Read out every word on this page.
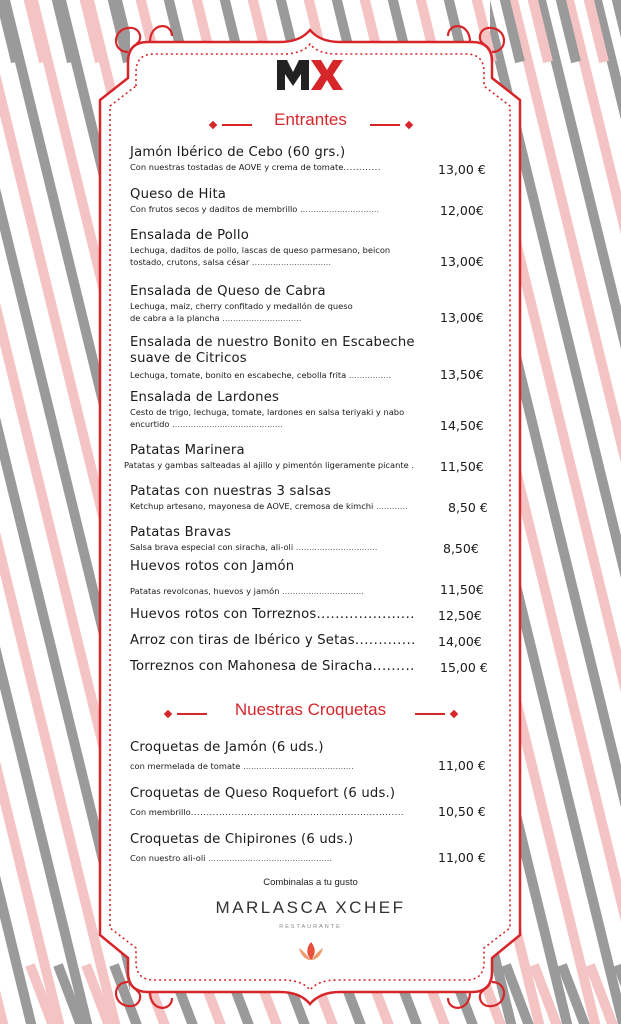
Entrantes
Jamón Ibérico de Cebo (60 grs.)
Con nuestras tostadas de AOVE y crema de tomate............	13,00 €
Queso de Hita
Con frutos secos y daditos de membrillo ..............................	12,00€
Ensalada de Pollo
Lechuga, daditos de pollo, lascas de queso parmesano, beicon tostado, crutons, salsa césar ..............................	13,00€
Ensalada de Queso de Cabra
Lechuga, maiz, cherry confitado y medallón de queso de cabra a la plancha ..............................	13,00€
Ensalada de nuestro Bonito en Escabeche suave de Citricos
Lechuga, tomate, bonito en escabeche, cebolla frita ................	13,50€
Ensalada de Lardones
Cesto de trigo, lechuga, tomate, lardones en salsa teriyaki y nabo encurtido ..........................................	14,50€
Patatas Marinera
Patatas y gambas salteadas al ajillo y pimentón ligeramente picante .	11,50€
Patatas con nuestras 3 salsas
Ketchup artesano, mayonesa de AOVE, cremosa de kimchi ............	8,50 €
Patatas Bravas
Salsa brava especial con siracha, ali-oli ...............................	8,50€
Huevos rotos con Jamón
Patatas revolconas, huevos y jamón ...............................	11,50€
Huevos rotos con Torreznos.....................	12,50€
Arroz con tiras de Ibérico y Setas.............	14,00€
Torreznos con Mahonesa de Siracha.........	15,00 €
Nuestras Croquetas
Croquetas de Jamón (6 uds.)
con mermelada de tomate ..........................................	11,00 €
Croquetas de Queso Roquefort (6 uds.)
Con membrillo....................................................................	10,50 €
Croquetas de Chipirones (6 uds.)
Con nuestro ali-oli ...............................................	11,00 €
Combinalas a tu gusto
MARLASCA XCHEF
RESTAURANTE
